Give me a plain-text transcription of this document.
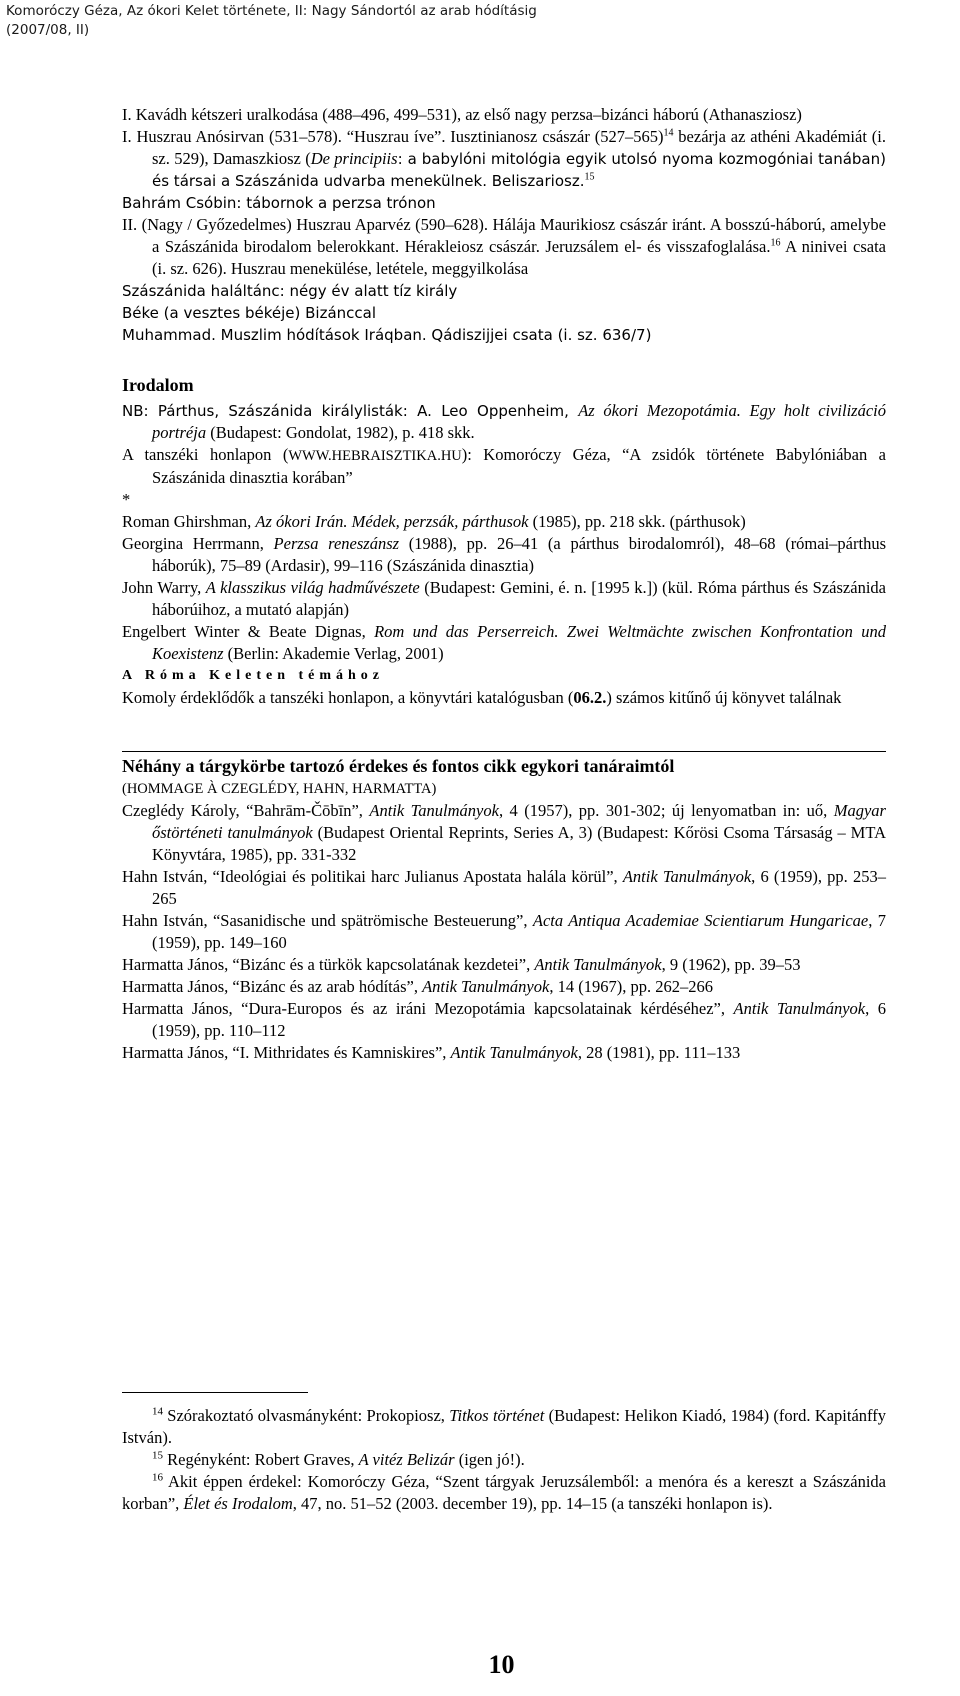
Komoróczy Géza, Az ókori Kelet története, II: Nagy Sándortól az arab hódításig
(2007/08, II)

I. Kavádh kétszeri uralkodása (488–496, 499–531), az első nagy perzsa–bizánci háború (Athanasziosz)

I. Huszrau Anósirvan (531–578). “Huszrau íve”. Iusztinianosz császár $(527-565)^{14}$ bezárja az athéni Akadémiát (i. sz. 529), Damaszkiosz (De principiis: a babylóni mitológia egyik utolsó nyoma kozmogóniai tanában) és társai a Szászánida udvarba menekülnek. Beliszariosz.$^{15}$

Bahrám Csóbin: tábornok a perzsa trónon

II. (Nagy / Győzedelmes) Huszrau Aparvéz (590–628). Hálája Maurikiosz császár iránt. A bosszú-háború, amelybe a Szászánida birodalom belerokkant. Hérakleiosz császár. Jeruzsálem el- és visszafoglalása.$^{16}$ A ninivei csata (i. sz. 626). Huszrau menekülése, letétele, meggyilkolása

Szászánida haláltánc: négy év alatt tíz király

Béke (a vesztes békéje) Bizánccal

Muhammad. Muszlim hódítások Iráqban. Qádiszijjei csata (i. sz. 636/7)

Irodalom

NB: Párthus, Szászánida királylisták: A. Leo Oppenheim, Az ókori Mezopotámia. Egy holt civilizáció portréja (Budapest: Gondolat, 1982), p. 418 skk.

A tanszéki honlapon (WWW.HEBRAISZTIKA.HU): Komoróczy Géza, “A zsidók története Babylóniában a Szászánida dinasztia korában”

*

Roman Ghirshman, Az ókori Irán. Médek, perzsák, párthusok (1985), pp. 218 skk. (párthusok)

Georgina Herrmann, Perzsa reneszánsz (1988), pp. 26–41 (a párthus birodalomról), 48–68 (római–párthus háborúk), 75–89 (Ardasir), 99–116 (Szászánida dinasztia)

John Warry, A klasszikus világ hadművészete (Budapest: Gemini, é. n. [1995 k.]) (kül. Róma párthus és Szászánida háborúihoz, a mutató alapján)

Engelbert Winter & Beate Dignas, Rom und das Perserreich. Zwei Weltmächte zwischen Konfrontation und Koexistenz (Berlin: Akademie Verlag, 2001)

A Róma Keleten témához

Komoly érdeklődők a tanszéki honlapon, a könyvtári katalógusban (06.2.) számos kitűnő új könyvet találnak

Néhány a tárgykörbe tartozó érdekes és fontos cikk egykori tanáraimtól
(HOMMAGE À CZEGLÉDY, HAHN, HARMATTA)

Czeglédy Károly, “Bahrām-Čōbīn”, Antik Tanulmányok, 4 (1957), pp. 301-302; új lenyomatban in: uő, Magyar őstörténeti tanulmányok (Budapest Oriental Reprints, Series A, 3) (Budapest: Kőrösi Csoma Társaság – MTA Könyvtára, 1985), pp. 331-332

Hahn István, “Ideológiai és politikai harc Julianus Apostata halála körül”, Antik Tanulmányok, 6 (1959), pp. 253–265

Hahn István, “Sasanidische und spätrömische Besteuerung”, Acta Antiqua Academiae Scientiarum Hungaricae, 7 (1959), pp. 149–160

Harmatta János, “Bizánc és a türkök kapcsolatának kezdetei”, Antik Tanulmányok, 9 (1962), pp. 39–53

Harmatta János, “Bizánc és az arab hódítás”, Antik Tanulmányok, 14 (1967), pp. 262–266

Harmatta János, “Dura-Europos és az iráni Mezopotámia kapcsolatainak kérdéséhez”, Antik Tanulmányok, 6 (1959), pp. 110–112

Harmatta János, “I. Mithridates és Kamniskires”, Antik Tanulmányok, 28 (1981), pp. 111–133

$^{14}$ Szórakoztató olvasmányként: Prokopiosz, Titkos történet (Budapest: Helikon Kiadó, 1984) (ford. Kapitánffy István).

$^{15}$ Regényként: Robert Graves, A vitéz Belizár (igen jó!).

$^{16}$ Akit éppen érdekel: Komoróczy Géza, “Szent tárgyak Jeruzsálemből: a menóra és a kereszt a Szászánida korban”, Élet és Irodalom, 47, no. 51–52 (2003. december 19), pp. 14–15 (a tanszéki honlapon is).

10
